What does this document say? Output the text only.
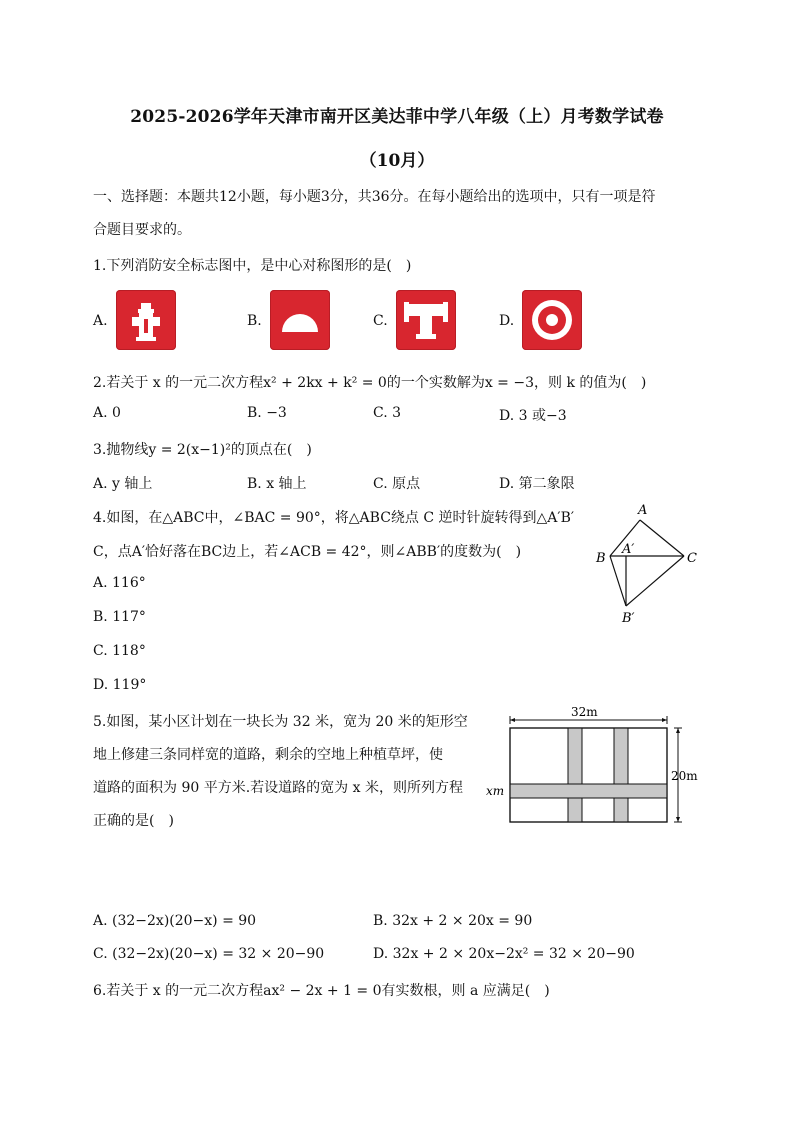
2025-2026学年天津市南开区美达菲中学八年级（上）月考数学试卷
（10月）
一、选择题：本题共12小题，每小题3分，共36分。在每小题给出的选项中，只有一项是符
合题目要求的。
1.下列消防安全标志图中，是中心对称图形的是(　)
A.	B.	C.	D.
2.若关于 x 的一元二次方程x² + 2kx + k² = 0的一个实数解为x = −3，则 k 的值为(　)
A. 0	B. −3	C. 3	D. 3 或−3
3.抛物线y = 2(x−1)²的顶点在(　)
A. y 轴上	B. x 轴上	C. 原点	D. 第二象限
4.如图，在△ABC中，∠BAC = 90°，将△ABC绕点 C 逆时针旋转得到△A′B′
C，点A′恰好落在BC边上，若∠ACB = 42°，则∠ABB′的度数为(　)
A. 116°
B. 117°
C. 118°
D. 119°
A
A′
B
B′
C
5.如图，某小区计划在一块长为 32 米，宽为 20 米的矩形空
地上修建三条同样宽的道路，剩余的空地上种植草坪，使
道路的面积为 90 平方米.若设道路的宽为 x 米，则所列方程
正确的是(　)
32m
20m
xm
A. (32−2x)(20−x) = 90	B. 32x + 2 × 20x = 90
C. (32−2x)(20−x) = 32 × 20−90	D. 32x + 2 × 20x−2x² = 32 × 20−90
6.若关于 x 的一元二次方程ax² − 2x + 1 = 0有实数根，则 a 应满足(　)
